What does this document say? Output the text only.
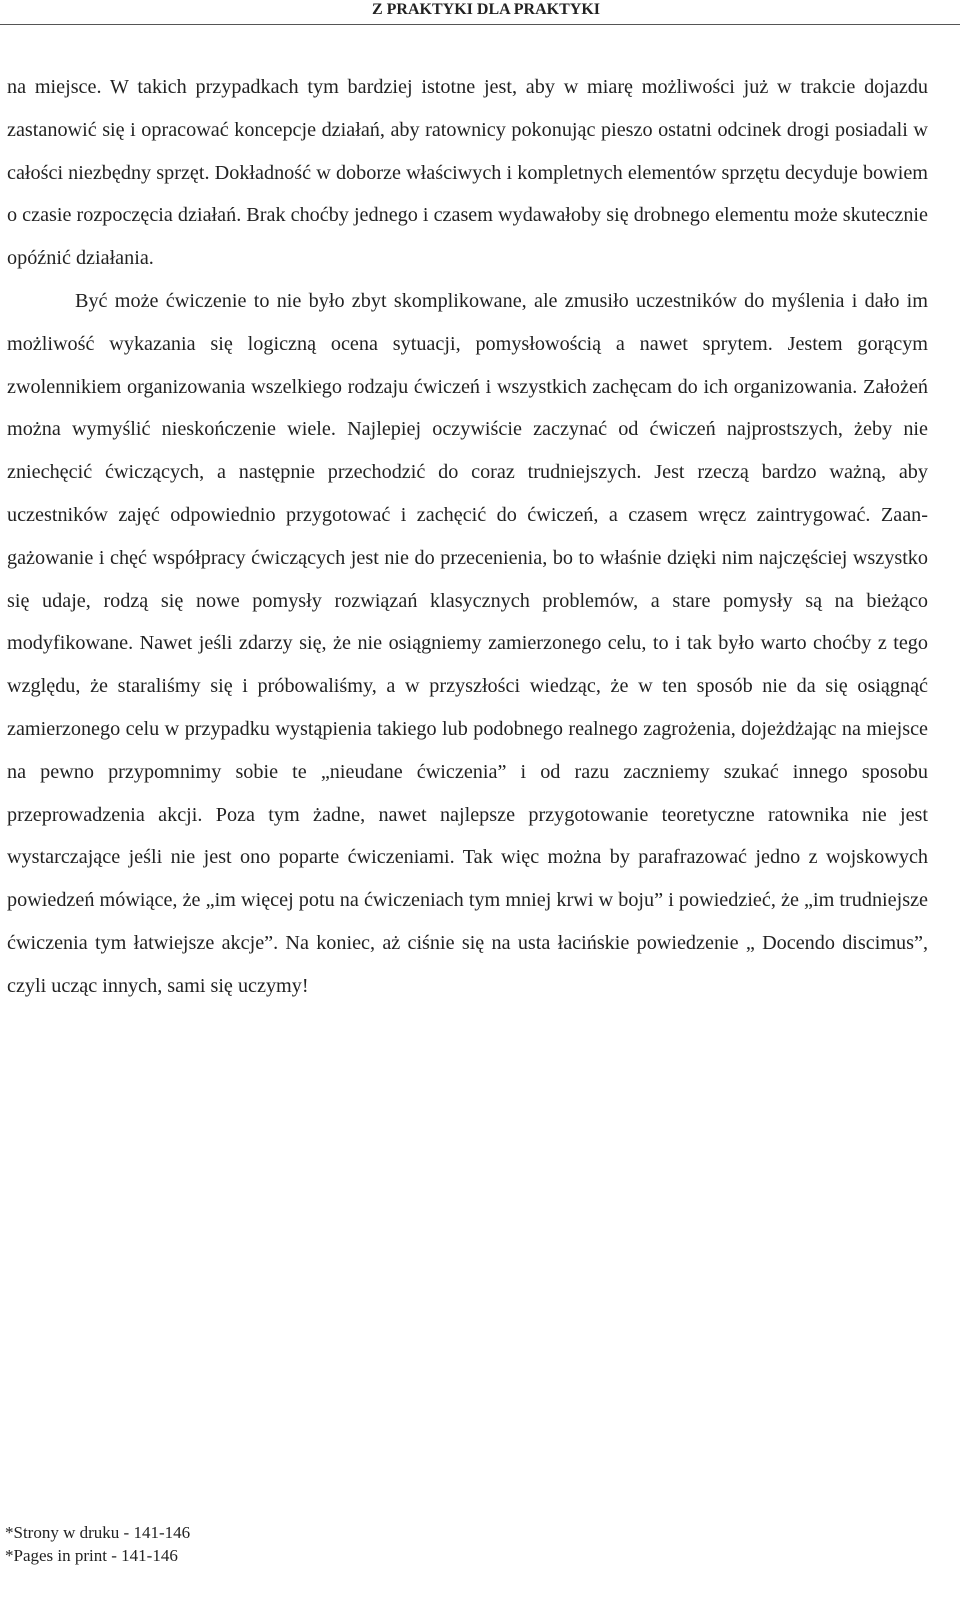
Z PRAKTYKI DLA PRAKTYKI

na miejsce. W takich przypadkach tym bardziej istotne jest, aby w miarę możliwości już w trakcie dojazdu zastanowić się i opracować koncepcje działań, aby ratownicy pokonując pieszo ostatni odcinek drogi posiadali w całości niezbędny sprzęt. Dokładność w doborze właściwych i kompletnych elementów sprzętu decyduje bowiem o czasie rozpoczęcia działań. Brak choćby jednego i czasem wydawałoby się drobnego elementu może skutecznie opóźnić działania.

Być może ćwiczenie to nie było zbyt skomplikowane, ale zmusiło uczestników do myślenia i dało im możliwość wykazania się logiczną ocena sytuacji, pomysłowością a nawet sprytem. Jestem gorącym zwolennikiem organizowania wszelkiego rodzaju ćwiczeń i wszystkich zachęcam do ich organizowania. Założeń można wymyślić nieskończenie wiele. Najlepiej oczywiście zaczynać od ćwiczeń najprostszych, żeby nie zniechęcić ćwiczących, a następnie przechodzić do coraz trudniejszych. Jest rzeczą bardzo ważną, aby uczestników zajęć odpowiednio przygotować i zachęcić do ćwiczeń, a czasem wręcz zaintrygować. Zaangażowanie i chęć współpracy ćwiczących jest nie do przecenienia, bo to właśnie dzięki nim najczęściej wszystko się udaje, rodzą się nowe pomysły rozwiązań klasycznych problemów, a stare pomysły są na bieżąco modyfikowane. Nawet jeśli zdarzy się, że nie osiągniemy zamierzonego celu, to i tak było warto choćby z tego względu, że staraliśmy się i próbowaliśmy, a w przyszłości wiedząc, że w ten sposób nie da się osiągnąć zamierzonego celu w przypadku wystąpienia takiego lub podobnego realnego zagrożenia, dojeżdżając na miejsce na pewno przypomnimy sobie te „nieudane ćwiczenia” i od razu zaczniemy szukać innego sposobu przeprowadzenia akcji. Poza tym żadne, nawet najlepsze przygotowanie teoretyczne ratownika nie jest wystarczające jeśli nie jest ono poparte ćwiczeniami. Tak więc można by parafrazować jedno z wojskowych powiedzeń mówiące, że „im więcej potu na ćwiczeniach tym mniej krwi w boju” i powiedzieć, że „im trudniejsze ćwiczenia tym łatwiejsze akcje”. Na koniec, aż ciśnie się na usta łacińskie powiedzenie „ Docendo discimus”, czyli ucząc innych, sami się uczymy!

*Strony w druku - 141-146
*Pages in print - 141-146
